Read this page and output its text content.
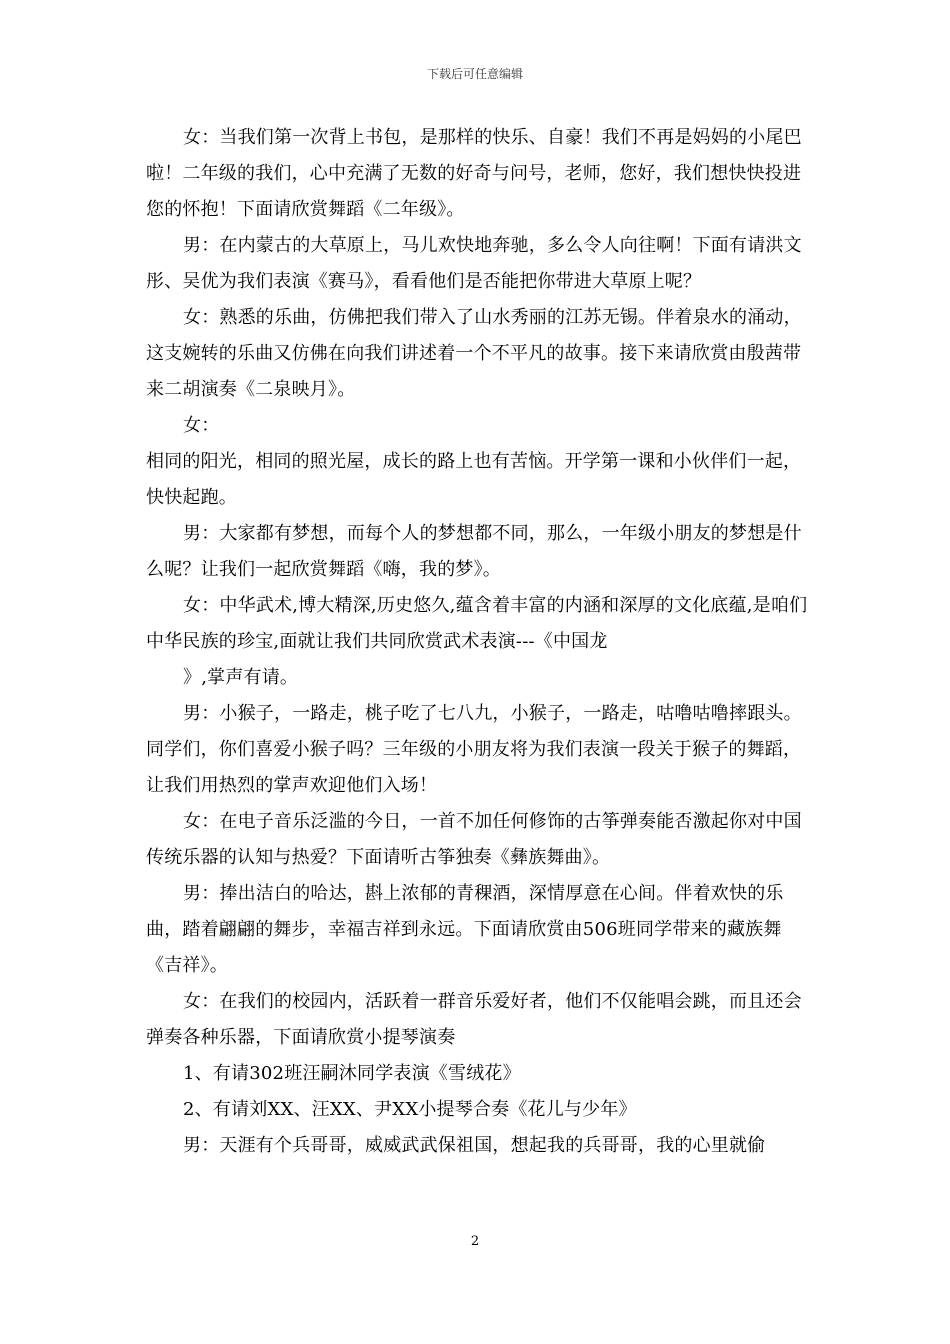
下载后可任意编辑

女：当我们第一次背上书包，是那样的快乐、自豪！我们不再是妈妈的小尾巴啦！二年级的我们，心中充满了无数的好奇与问号，老师，您好，我们想快快投进您的怀抱！下面请欣赏舞蹈《二年级》。

男：在内蒙古的大草原上，马儿欢快地奔驰，多么令人向往啊！下面有请洪文彤、吴优为我们表演《赛马》，看看他们是否能把你带进大草原上呢？

女：熟悉的乐曲，仿佛把我们带入了山水秀丽的江苏无锡。伴着泉水的涌动，这支婉转的乐曲又仿佛在向我们讲述着一个不平凡的故事。接下来请欣赏由殷茜带来二胡演奏《二泉映月》。

女：

相同的阳光，相同的照光屋，成长的路上也有苦恼。开学第一课和小伙伴们一起，快快起跑。

男：大家都有梦想，而每个人的梦想都不同，那么，一年级小朋友的梦想是什么呢？让我们一起欣赏舞蹈《嗨，我的梦》。

女：中华武术,博大精深,历史悠久,蕴含着丰富的内涵和深厚的文化底蕴,是咱们中华民族的珍宝,面就让我们共同欣赏武术表演---《中国龙

》,掌声有请。

男：小猴子，一路走，桃子吃了七八九，小猴子，一路走，咕噜咕噜摔跟头。同学们，你们喜爱小猴子吗？三年级的小朋友将为我们表演一段关于猴子的舞蹈，让我们用热烈的掌声欢迎他们入场！

女：在电子音乐泛滥的今日，一首不加任何修饰的古筝弹奏能否激起你对中国传统乐器的认知与热爱？下面请听古筝独奏《彝族舞曲》。

男：捧出洁白的哈达，斟上浓郁的青稞酒，深情厚意在心间。伴着欢快的乐曲，踏着翩翩的舞步，幸福吉祥到永远。下面请欣赏由506班同学带来的藏族舞《吉祥》。

女：在我们的校园内，活跃着一群音乐爱好者，他们不仅能唱会跳，而且还会弹奏各种乐器，下面请欣赏小提琴演奏

1、有请302班汪嗣沐同学表演《雪绒花》

2、有请刘XX、汪XX、尹XX小提琴合奏《花儿与少年》

男：天涯有个兵哥哥，威威武武保祖国，想起我的兵哥哥，我的心里就偷

2
